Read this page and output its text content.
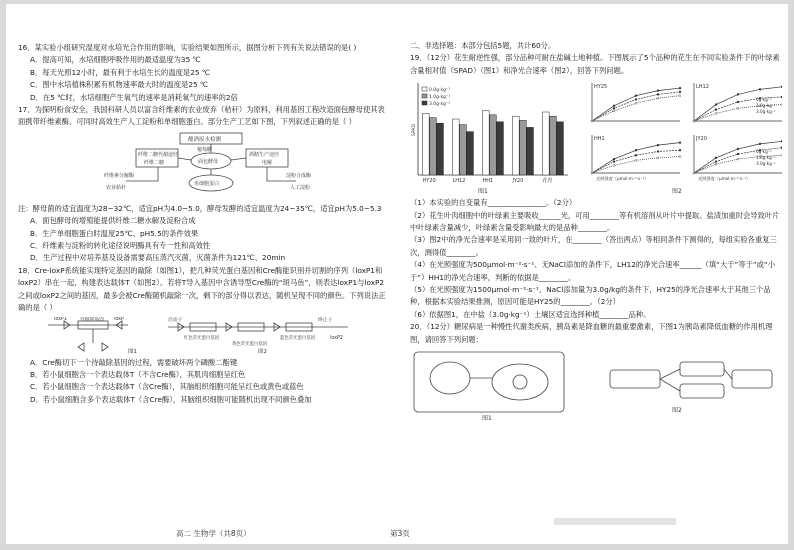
16．某实验小组研究湿度对水培光合作用的影响，实验结果如图所示，据图分析下列有关说法错误的是( )

A．提高可知，水培细胞呼吸作用的最适温度为35 ℃

B．每天光照12小时，最有利于水培生长的温度是25 ℃

C．图中水培植株积累有机物速率最大时的温度是25 ℃

D．在5 ℃时，水培细胞产生氧气的速率是消耗氧气的速率的2倍

17．为探明粉食安全，我国科研人员以富含纤维素的农业废弃（秸秆）为原料，利用基因工程改造面包酵母使其表面携带纤维素酶，可同时高效生产人工淀粉和单细胞蛋白。部分生产工艺如下图，下列叙述正确的是（ ）

酿酒废水检测
纤维二糖代谢途径
纤维二糖
酒精生产途径
电解
葡萄糖
面包酵母
单细胞蛋白
纤维素分解酶
农业秸秆
淀粉合成酶
人工淀粉

注：酵母菌的适宜温度为28~32℃，适宜pH为4.0~5.0，酵母发酵的适宜温度为24~35℃，适宜pH为5.0~5.3

A．面包酵母的增殖能提供纤维二糖水解及淀粉合成

B．生产单细胞蛋白时温度25℃、pH5.5的条件效果

C．纤维素与淀粉的转化途径说明酶具有专一性和高效性

D．生产过程中对培养基及设备需要高压蒸汽灭菌，灭菌条件为121℃、20min

18．Cre-loxP系统能实现特定基因的敲除（如图1），把几种荧光蛋白基因和Cre酶能识别并切割的序列（loxP1和loxP2）串在一起，构建表达载体T（如图2）。若将T导入基因中含诱导型Cre酶的“斑马鱼”，则表达loxP1与loxP2之间或loxP2之间的基因，最多会被Cre酶随机敲除一次，剩下的部分得以表达，随机呈现不同的颜色。下列说法正确的是（ ）

loxP1	待敲除基因 loxP	启动子
红色荧光蛋白基因
黄色荧光蛋白基因
蓝色荧光蛋白基因
终止子
loxP2
图1	图2

A．Cre酶切下一个待敲除基因的过程，需要破坏两个磷酸二酯键

B．若小鼠细胞含一个表达载体T（不含Cre酶），其肌肉细胞呈红色

C．若小鼠细胞含一个表达载体T（含Cre酶），其脑组织细胞可能呈红色或黄色或蓝色

D．若小鼠细胞含多个表达载体T（含Cre酶），其脑组织细胞可能随机出现不同颜色叠加

二、非选择题：本部分包括5题，共计60分。

19．（12分）花生耐逆性强，部分品种可耐在盐碱土地种植。下图展示了5个品种的花生在不同实验条件下的叶绿素含量相对值（SPAD）（图1）和净光合速率（图2），回答下列问题。

HY20	LH12	HH1	JY20	花育
0.0g·kg⁻¹
1.0g·kg⁻¹
3.0g·kg⁻¹
SPAD
HY25	LH12
0g·kg⁻¹
1.0g·kg⁻¹
3.0g·kg⁻¹
HH1
光照强度（μmol·m⁻²·s⁻¹）
JY20
光照强度（μmol·m⁻²·s⁻¹）
0g·kg⁻¹
1.0g·kg⁻¹
3.0g·kg⁻¹
图1	图2

（1）本实验的自变量有________________。（2分）

（2）花生叶肉细胞中的叶绿素主要吸收______光，可用________等有机溶剂从叶片中提取。盐渍加重时会导致叶片中叶绿素含量减少，叶绿素含量受影响最大的是品种________。

（3）图2中的净光合速率是采用同一致的叶片，在________（答出两点）等相同条件下测得的，每组实验各重复三次，测得值________。

（4）在光照强度为500μmol·m⁻²·s⁻¹、无NaCl添加的条件下，LH12的净光合速率______（填“大于”等于”或“小于”）HH1的净光合速率，判断的依据是________。

（5）在光照强度为1500μmol·m⁻²·s⁻¹、NaCl添加量为3.0g/kg的条件下，HY25的净光合速率大于其他三个品种，根据本实验结果推测，原因可能是HY25的________。（2分）

（6）依据图1，在中盐（3.0g·kg⁻¹）土壤区适宜选择种植________品种。

20．（12分）糖尿病是一种慢性代谢类疾病，胰岛素是降血糖的最重要激素，下图1为胰岛素降低血糖的作用机理图，请回答下列问题：

图1
图2
高二 生物学（共8页）	第3页
